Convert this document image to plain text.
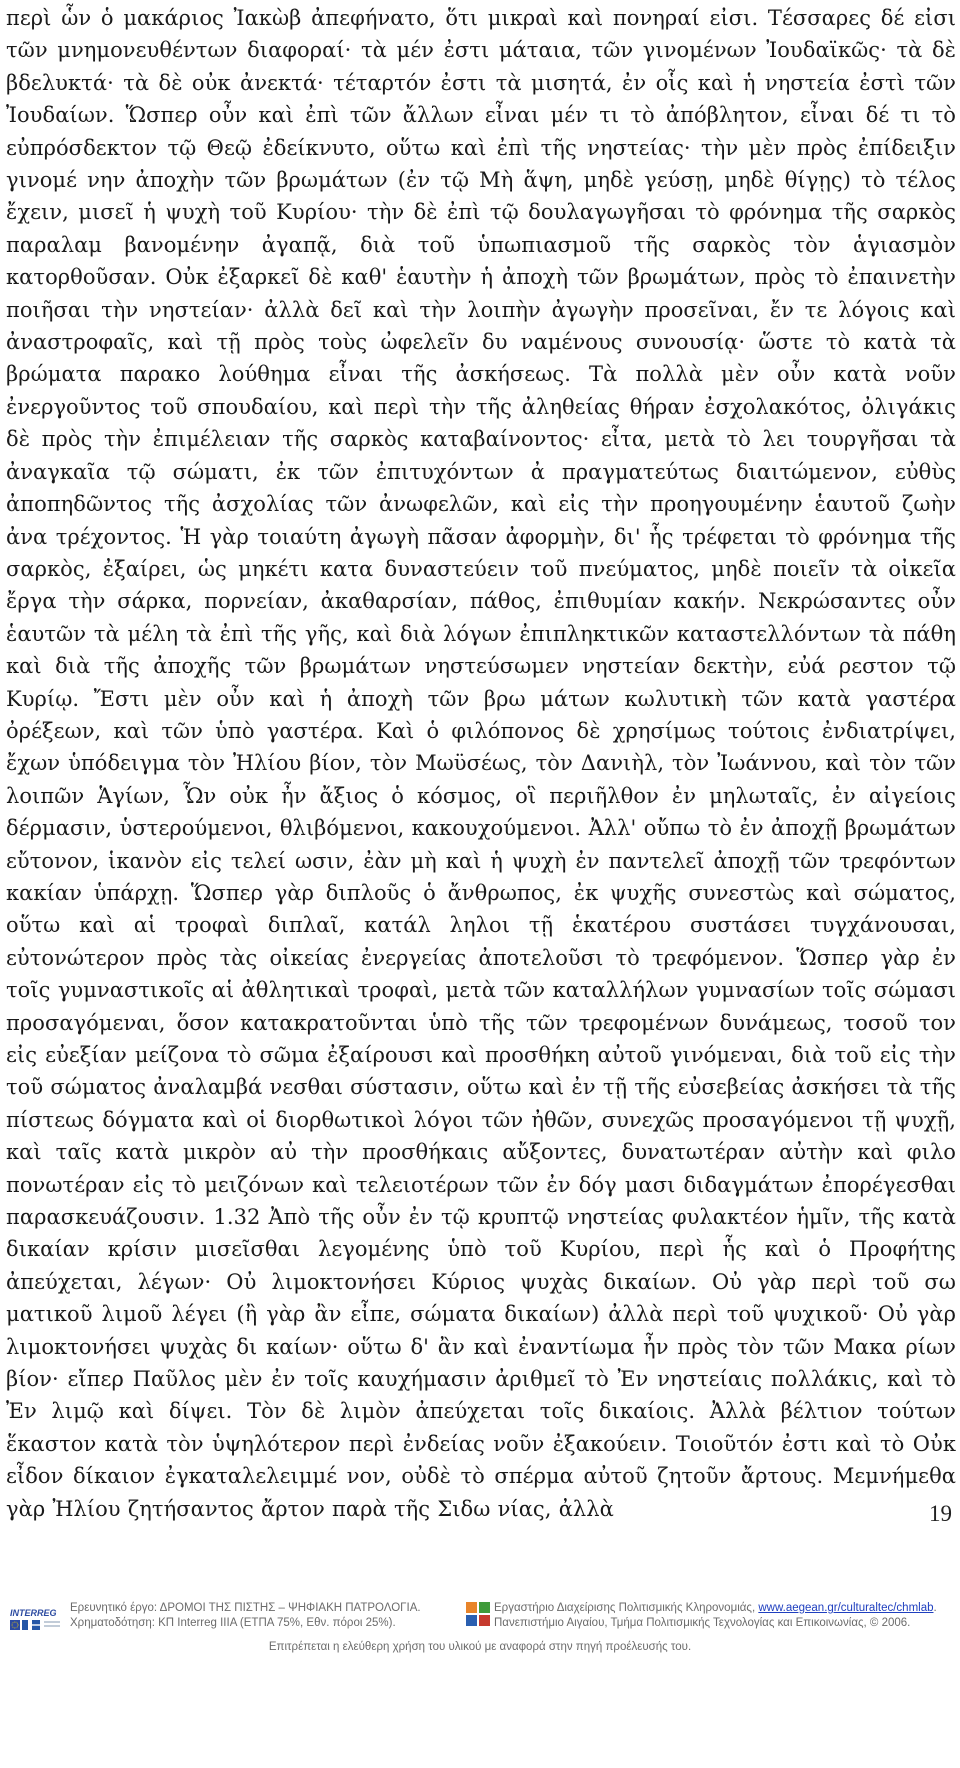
περὶ ὧν ὁ μακάριος Ἰακὼβ ἀπεφήνατο, ὅτι μικραὶ καὶ πονηραί εἰσι. Τέσσαρες δέ εἰσι τῶν μνημονευθέντων διαφοραί· τὰ μέν ἐστι μάταια, τῶν γινομένων Ἰουδαϊκῶς· τὰ δὲ βδελυκτά· τὰ δὲ οὐκ ἀνεκτά· τέταρτόν ἐστι τὰ μισητά, ἐν οἷς καὶ ἡ νηστεία ἐστὶ τῶν Ἰουδαίων. Ὥσπερ οὖν καὶ ἐπὶ τῶν ἄλλων εἶναι μέν τι τὸ ἀπόβλητον, εἶναι δέ τι τὸ εὐπρόσδεκτον τῷ Θεῷ ἐδείκνυτο, οὕτω καὶ ἐπὶ τῆς νηστείας· τὴν μὲν πρὸς ἐπίδειξιν γινομέ νην ἀποχὴν τῶν βρωμάτων (ἐν τῷ Μὴ ἅψη, μηδὲ γεύσῃ, μηδὲ θίγῃς) τὸ τέλος ἔχειν, μισεῖ ἡ ψυχὴ τοῦ Κυρίου· τὴν δὲ ἐπὶ τῷ δουλαγωγῆσαι τὸ φρόνημα τῆς σαρκὸς παραλαμ βανομένην ἀγαπᾷ, διὰ τοῦ ὑπωπιασμοῦ τῆς σαρκὸς τὸν ἁγιασμὸν κατορθοῦσαν. Οὐκ ἐξαρκεῖ δὲ καθ' ἑαυτὴν ἡ ἀποχὴ τῶν βρωμάτων, πρὸς τὸ ἐπαινετὴν ποιῆσαι τὴν νηστείαν· ἀλλὰ δεῖ καὶ τὴν λοιπὴν ἀγωγὴν προσεῖναι, ἔν τε λόγοις καὶ ἀναστροφαῖς, καὶ τῇ πρὸς τοὺς ὠφελεῖν δυ ναμένους συνουσίᾳ· ὥστε τὸ κατὰ τὰ βρώματα παρακο λούθημα εἶναι τῆς ἀσκήσεως. Τὰ πολλὰ μὲν οὖν κατὰ νοῦν ἐνεργοῦντος τοῦ σπουδαίου, καὶ περὶ τὴν τῆς ἀληθείας θήραν ἐσχολακότος, ὀλιγάκις δὲ πρὸς τὴν ἐπιμέλειαν τῆς σαρκὸς καταβαίνοντος· εἶτα, μετὰ τὸ λει τουργῆσαι τὰ ἀναγκαῖα τῷ σώματι, ἐκ τῶν ἐπιτυχόντων ἀ πραγματεύτως διαιτώμενον, εὐθὺς ἀποπηδῶντος τῆς ἀσχολίας τῶν ἀνωφελῶν, καὶ εἰς τὴν προηγουμένην ἑαυτοῦ ζωὴν ἀνα τρέχοντος. Ἡ γὰρ τοιαύτη ἀγωγὴ πᾶσαν ἀφορμὴν, δι' ἧς τρέφεται τὸ φρόνημα τῆς σαρκὸς, ἐξαίρει, ὡς μηκέτι κατα δυναστεύειν τοῦ πνεύματος, μηδὲ ποιεῖν τὰ οἰκεῖα ἔργα τὴν σάρκα, πορνείαν, ἀκαθαρσίαν, πάθος, ἐπιθυμίαν κακήν. Νεκρώσαντες οὖν ἑαυτῶν τὰ μέλη τὰ ἐπὶ τῆς γῆς, καὶ διὰ λόγων ἐπιπληκτικῶν καταστελλόντων τὰ πάθη καὶ διὰ τῆς ἀποχῆς τῶν βρωμάτων νηστεύσωμεν νηστείαν δεκτὴν, εὐά ρεστον τῷ Κυρίῳ. Ἔστι μὲν οὖν καὶ ἡ ἀποχὴ τῶν βρω μάτων κωλυτικὴ τῶν κατὰ γαστέρα ὀρέξεων, καὶ τῶν ὑπὸ γαστέρα. Καὶ ὁ φιλόπονος δὲ χρησίμως τούτοις ἐνδιατρίψει, ἔχων ὑπόδειγμα τὸν Ἠλίου βίον, τὸν Μωϋσέως, τὸν Δανιὴλ, τὸν Ἰωάννου, καὶ τὸν τῶν λοιπῶν Ἁγίων, Ὧν οὐκ ἦν ἄξιος ὁ κόσμος, οἳ περιῆλθον ἐν μηλωταῖς, ἐν αἰγείοις δέρμασιν, ὑστερούμενοι, θλιβόμενοι, κακουχούμενοι. Ἀλλ' οὔπω τὸ ἐν ἀποχῇ βρωμάτων εὔτονον, ἱκανὸν εἰς τελεί ωσιν, ἐὰν μὴ καὶ ἡ ψυχὴ ἐν παντελεῖ ἀποχῇ τῶν τρεφόντων κακίαν ὑπάρχῃ. Ὥσπερ γὰρ διπλοῦς ὁ ἄνθρωπος, ἐκ ψυχῆς συνεστὼς καὶ σώματος, οὕτω καὶ αἱ τροφαὶ διπλαῖ, κατάλ ληλοι τῇ ἑκατέρου συστάσει τυγχάνουσαι, εὐτονώτερον πρὸς τὰς οἰκείας ἐνεργείας ἀποτελοῦσι τὸ τρεφόμενον. Ὥσπερ γὰρ ἐν τοῖς γυμναστικοῖς αἱ ἀθλητικαὶ τροφαὶ, μετὰ τῶν καταλλήλων γυμνασίων τοῖς σώμασι προσαγόμεναι, ὅσον κατακρατοῦνται ὑπὸ τῆς τῶν τρεφομένων δυνάμεως, τοσοῦ τον εἰς εὐεξίαν μείζονα τὸ σῶμα ἐξαίρουσι καὶ προσθήκη αὐτοῦ γινόμεναι, διὰ τοῦ εἰς τὴν τοῦ σώματος ἀναλαμβά νεσθαι σύστασιν, οὕτω καὶ ἐν τῇ τῆς εὐσεβείας ἀσκήσει τὰ τῆς πίστεως δόγματα καὶ οἱ διορθωτικοὶ λόγοι τῶν ἠθῶν, συνεχῶς προσαγόμενοι τῇ ψυχῇ, καὶ ταῖς κατὰ μικρὸν αὐ τὴν προσθήκαις αὔξοντες, δυνατωτέραν αὐτὴν καὶ φιλο πονωτέραν εἰς τὸ μειζόνων καὶ τελειοτέρων τῶν ἐν δόγ μασι διδαγμάτων ἐπορέγεσθαι παρασκευάζουσιν. 1.32 Ἀπὸ τῆς οὖν ἐν τῷ κρυπτῷ νηστείας φυλακτέον ἡμῖν, τῆς κατὰ δικαίαν κρίσιν μισεῖσθαι λεγομένης ὑπὸ τοῦ Κυρίου, περὶ ἧς καὶ ὁ Προφήτης ἀπεύχεται, λέγων· Οὐ λιμοκτονήσει Κύριος ψυχὰς δικαίων. Οὐ γὰρ περὶ τοῦ σω ματικοῦ λιμοῦ λέγει (ἢ γὰρ ἂν εἶπε, σώματα δικαίων) ἀλλὰ περὶ τοῦ ψυχικοῦ· Οὐ γὰρ λιμοκτονήσει ψυχὰς δι καίων· οὕτω δ' ἂν καὶ ἐναντίωμα ἦν πρὸς τὸν τῶν Μακα ρίων βίον· εἴπερ Παῦλος μὲν ἐν τοῖς καυχήμασιν ἀριθμεῖ τὸ Ἐν νηστείαις πολλάκις, καὶ τὸ Ἐν λιμῷ καὶ δίψει. Τὸν δὲ λιμὸν ἀπεύχεται τοῖς δικαίοις. Ἀλλὰ βέλτιον τούτων ἕκαστον κατὰ τὸν ὑψηλότερον περὶ ἐνδείας νοῦν ἐξακούειν. Τοιοῦτόν ἐστι καὶ τὸ Οὐκ εἶδον δίκαιον ἐγκαταλελειμμέ νον, οὐδὲ τὸ σπέρμα αὐτοῦ ζητοῦν ἄρτους. Μεμνήμεθα γὰρ Ἠλίου ζητήσαντος ἄρτον παρὰ τῆς Σιδω νίας, ἀλλὰ	19
INTERREG Ερευνητικό έργο: ΔΡΟΜΟΙ ΤΗΣ ΠΙΣΤΗΣ – ΨΗΦΙΑΚΗ ΠΑΤΡΟΛΟΓΙΑ.
Χρηματοδότηση: ΚΠ Interreg IIIA (ΕΤΠΑ 75%, Εθν. πόροι 25%).
Εργαστήριο Διαχείρισης Πολιτισμικής Κληρονομιάς, www.aegean.gr/culturaltec/chmlab.
Πανεπιστήμιο Αιγαίου, Τμήμα Πολιτισμικής Τεχνολογίας και Επικοινωνίας, © 2006.
Επιτρέπεται η ελεύθερη χρήση του υλικού με αναφορά στην πηγή προέλευσής του.
